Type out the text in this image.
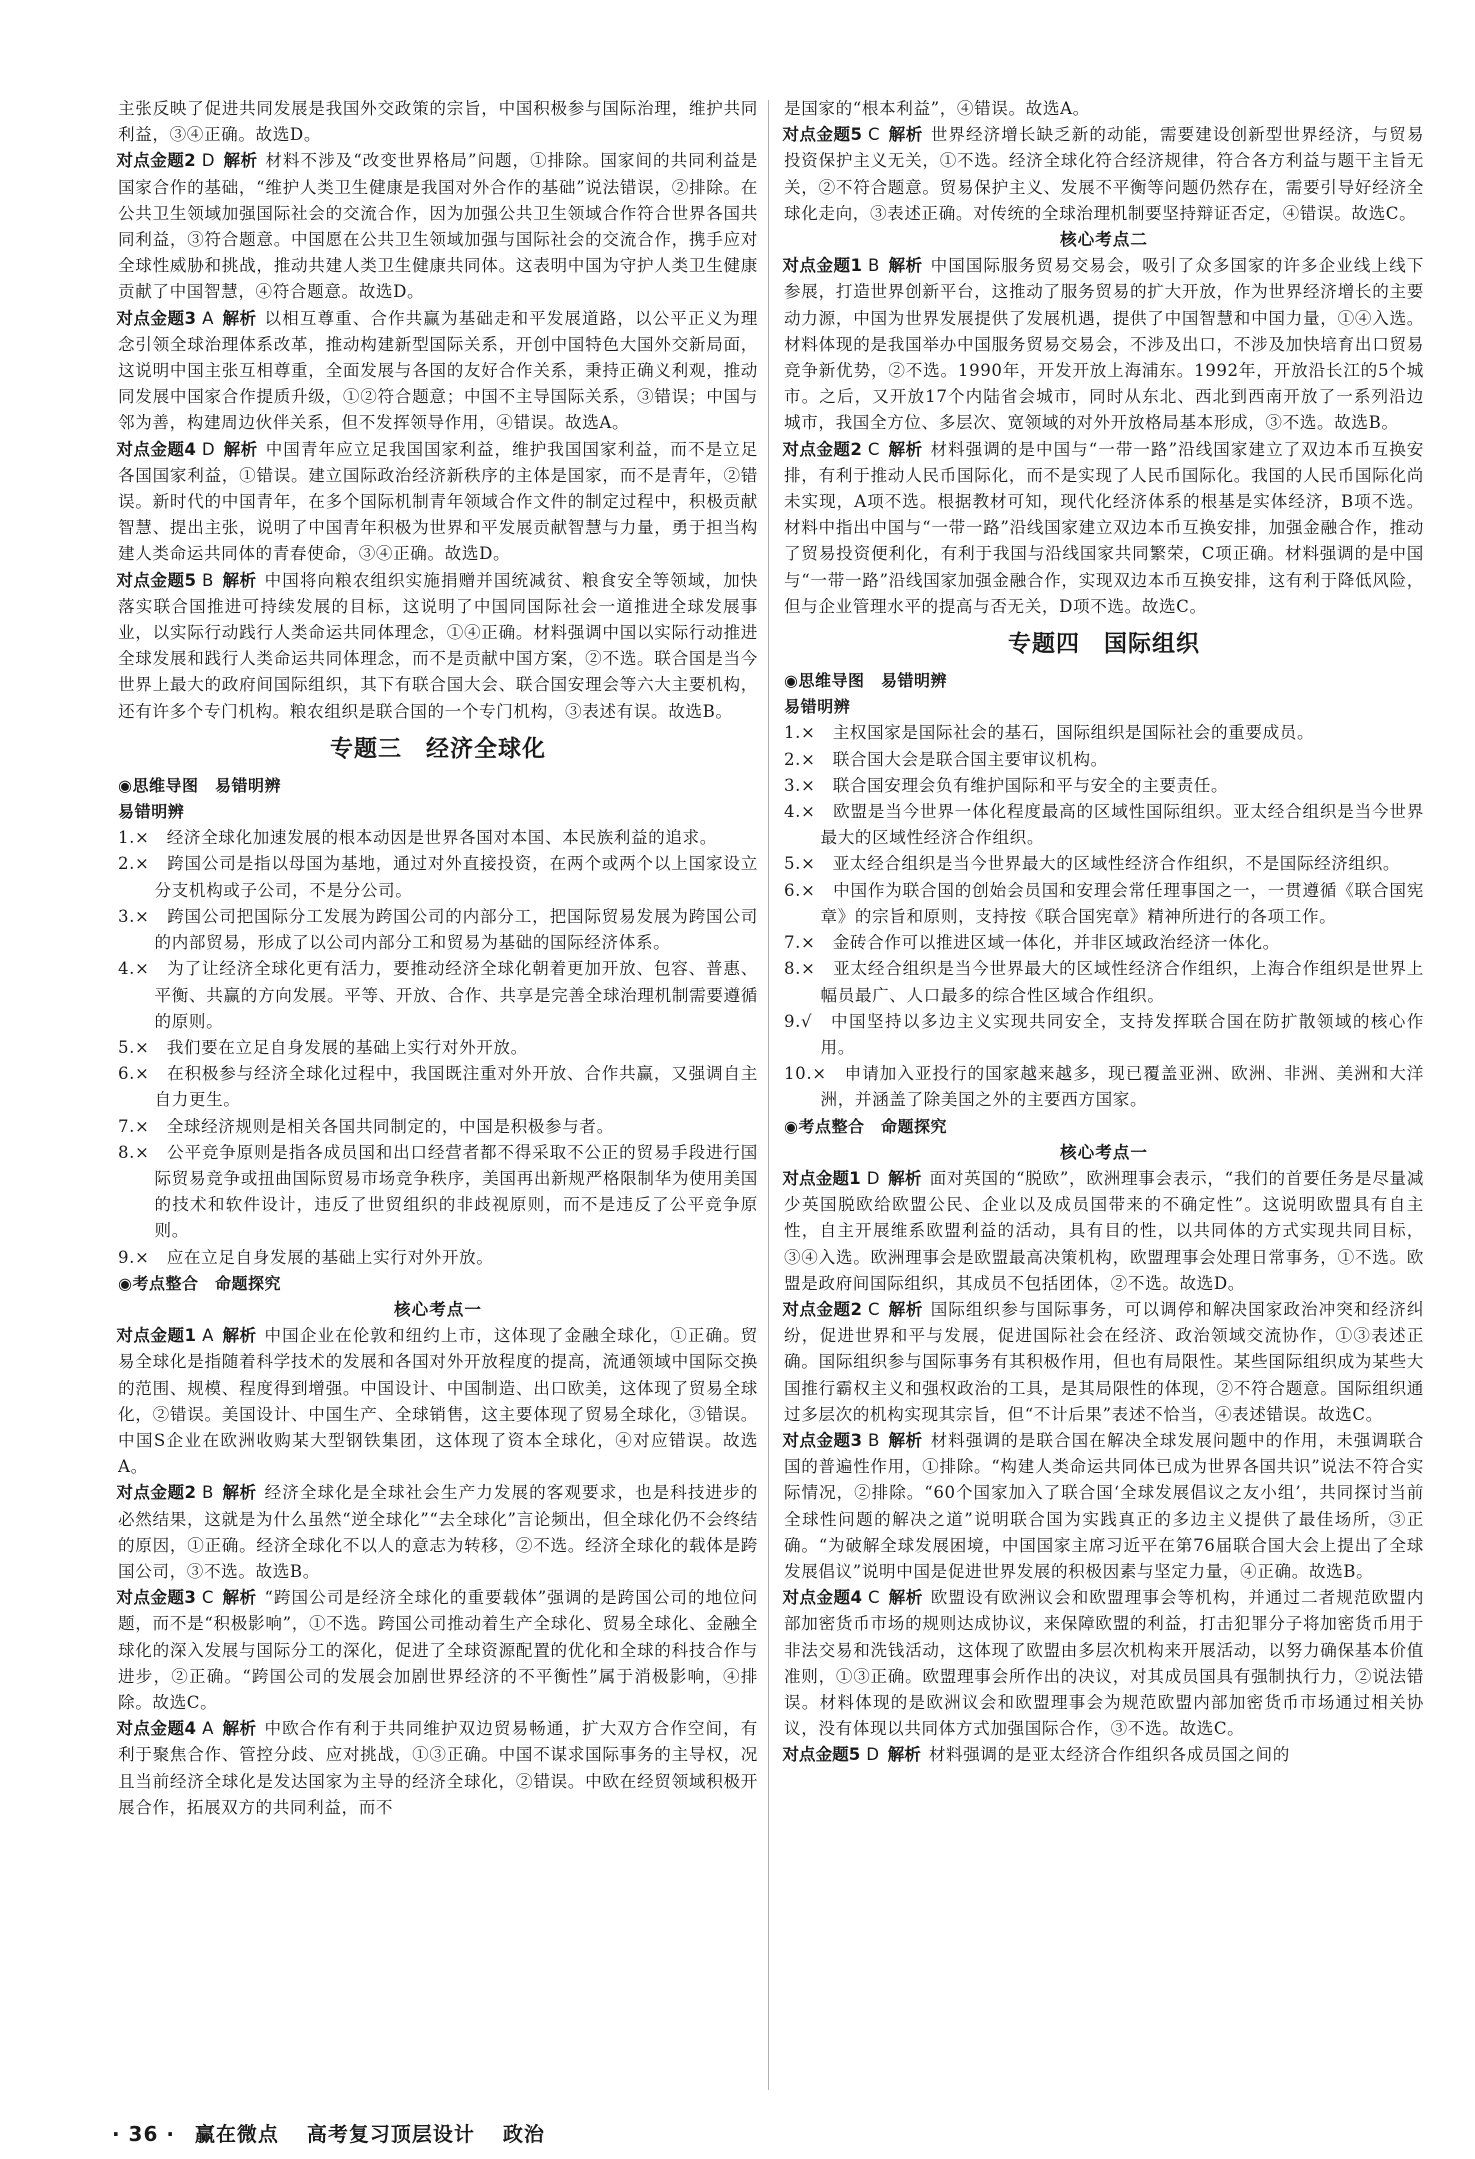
主张反映了促进共同发展是我国外交政策的宗旨，中国积极参与国际治理，维护共同利益，③④正确。故选D。

对点金题2 D 解析 材料不涉及“改变世界格局”问题，①排除。国家间的共同利益是国家合作的基础，“维护人类卫生健康是我国对外合作的基础”说法错误，②排除。在公共卫生领域加强国际社会的交流合作，因为加强公共卫生领域合作符合世界各国共同利益，③符合题意。中国愿在公共卫生领域加强与国际社会的交流合作，携手应对全球性威胁和挑战，推动共建人类卫生健康共同体。这表明中国为守护人类卫生健康贡献了中国智慧，④符合题意。故选D。

对点金题3 A 解析 以相互尊重、合作共赢为基础走和平发展道路，以公平正义为理念引领全球治理体系改革，推动构建新型国际关系，开创中国特色大国外交新局面，这说明中国主张互相尊重，全面发展与各国的友好合作关系，秉持正确义利观，推动同发展中国家合作提质升级，①②符合题意；中国不主导国际关系，③错误；中国与邻为善，构建周边伙伴关系，但不发挥领导作用，④错误。故选A。

对点金题4 D 解析 中国青年应立足我国国家利益，维护我国国家利益，而不是立足各国国家利益，①错误。建立国际政治经济新秩序的主体是国家，而不是青年，②错误。新时代的中国青年，在多个国际机制青年领域合作文件的制定过程中，积极贡献智慧、提出主张，说明了中国青年积极为世界和平发展贡献智慧与力量，勇于担当构建人类命运共同体的青春使命，③④正确。故选D。

对点金题5 B 解析 中国将向粮农组织实施捐赠并国统减贫、粮食安全等领域，加快落实联合国推进可持续发展的目标，这说明了中国同国际社会一道推进全球发展事业，以实际行动践行人类命运共同体理念，①④正确。材料强调中国以实际行动推进全球发展和践行人类命运共同体理念，而不是贡献中国方案，②不选。联合国是当今世界上最大的政府间国际组织，其下有联合国大会、联合国安理会等六大主要机构，还有许多个专门机构。粮农组织是联合国的一个专门机构，③表述有误。故选B。

专题三　经济全球化

◉思维导图　易错明辨

易错明辨

1.×　经济全球化加速发展的根本动因是世界各国对本国、本民族利益的追求。

2.×　跨国公司是指以母国为基地，通过对外直接投资，在两个或两个以上国家设立分支机构或子公司，不是分公司。

3.×　跨国公司把国际分工发展为跨国公司的内部分工，把国际贸易发展为跨国公司的内部贸易，形成了以公司内部分工和贸易为基础的国际经济体系。

4.×　为了让经济全球化更有活力，要推动经济全球化朝着更加开放、包容、普惠、平衡、共赢的方向发展。平等、开放、合作、共享是完善全球治理机制需要遵循的原则。

5.×　我们要在立足自身发展的基础上实行对外开放。

6.×　在积极参与经济全球化过程中，我国既注重对外开放、合作共赢，又强调自主自力更生。

7.×　全球经济规则是相关各国共同制定的，中国是积极参与者。

8.×　公平竞争原则是指各成员国和出口经营者都不得采取不公正的贸易手段进行国际贸易竞争或扭曲国际贸易市场竞争秩序，美国再出新规严格限制华为使用美国的技术和软件设计，违反了世贸组织的非歧视原则，而不是违反了公平竞争原则。

9.×　应在立足自身发展的基础上实行对外开放。

◉考点整合　命题探究

核心考点一

对点金题1 A 解析 中国企业在伦敦和纽约上市，这体现了金融全球化，①正确。贸易全球化是指随着科学技术的发展和各国对外开放程度的提高，流通领域中国际交换的范围、规模、程度得到增强。中国设计、中国制造、出口欧美，这体现了贸易全球化，②错误。美国设计、中国生产、全球销售，这主要体现了贸易全球化，③错误。中国S企业在欧洲收购某大型钢铁集团，这体现了资本全球化，④对应错误。故选A。

对点金题2 B 解析 经济全球化是全球社会生产力发展的客观要求，也是科技进步的必然结果，这就是为什么虽然“逆全球化”“去全球化”言论频出，但全球化仍不会终结的原因，①正确。经济全球化不以人的意志为转移，②不选。经济全球化的载体是跨国公司，③不选。故选B。

对点金题3 C 解析 “跨国公司是经济全球化的重要载体”强调的是跨国公司的地位问题，而不是“积极影响”，①不选。跨国公司推动着生产全球化、贸易全球化、金融全球化的深入发展与国际分工的深化，促进了全球资源配置的优化和全球的科技合作与进步，②正确。“跨国公司的发展会加剧世界经济的不平衡性”属于消极影响，④排除。故选C。

对点金题4 A 解析 中欧合作有利于共同维护双边贸易畅通，扩大双方合作空间，有利于聚焦合作、管控分歧、应对挑战，①③正确。中国不谋求国际事务的主导权，况且当前经济全球化是发达国家为主导的经济全球化，②错误。中欧在经贸领域积极开展合作，拓展双方的共同利益，而不

是国家的“根本利益”，④错误。故选A。

对点金题5 C 解析 世界经济增长缺乏新的动能，需要建设创新型世界经济，与贸易投资保护主义无关，①不选。经济全球化符合经济规律，符合各方利益与题干主旨无关，②不符合题意。贸易保护主义、发展不平衡等问题仍然存在，需要引导好经济全球化走向，③表述正确。对传统的全球治理机制要坚持辩证否定，④错误。故选C。

核心考点二

对点金题1 B 解析 中国国际服务贸易交易会，吸引了众多国家的许多企业线上线下参展，打造世界创新平台，这推动了服务贸易的扩大开放，作为世界经济增长的主要动力源，中国为世界发展提供了发展机遇，提供了中国智慧和中国力量，①④入选。材料体现的是我国举办中国服务贸易交易会，不涉及出口，不涉及加快培育出口贸易竞争新优势，②不选。1990年，开发开放上海浦东。1992年，开放沿长江的5个城市。之后，又开放17个内陆省会城市，同时从东北、西北到西南开放了一系列沿边城市，我国全方位、多层次、宽领域的对外开放格局基本形成，③不选。故选B。

对点金题2 C 解析 材料强调的是中国与“一带一路”沿线国家建立了双边本币互换安排，有利于推动人民币国际化，而不是实现了人民币国际化。我国的人民币国际化尚未实现，A项不选。根据教材可知，现代化经济体系的根基是实体经济，B项不选。材料中指出中国与“一带一路”沿线国家建立双边本币互换安排，加强金融合作，推动了贸易投资便利化，有利于我国与沿线国家共同繁荣，C项正确。材料强调的是中国与“一带一路”沿线国家加强金融合作，实现双边本币互换安排，这有利于降低风险，但与企业管理水平的提高与否无关，D项不选。故选C。

专题四　国际组织

◉思维导图　易错明辨

易错明辨

1.×　主权国家是国际社会的基石，国际组织是国际社会的重要成员。

2.×　联合国大会是联合国主要审议机构。

3.×　联合国安理会负有维护国际和平与安全的主要责任。

4.×　欧盟是当今世界一体化程度最高的区域性国际组织。亚太经合组织是当今世界最大的区域性经济合作组织。

5.×　亚太经合组织是当今世界最大的区域性经济合作组织，不是国际经济组织。

6.×　中国作为联合国的创始会员国和安理会常任理事国之一，一贯遵循《联合国宪章》的宗旨和原则，支持按《联合国宪章》精神所进行的各项工作。

7.×　金砖合作可以推进区域一体化，并非区域政治经济一体化。

8.×　亚太经合组织是当今世界最大的区域性经济合作组织，上海合作组织是世界上幅员最广、人口最多的综合性区域合作组织。

9.√　中国坚持以多边主义实现共同安全，支持发挥联合国在防扩散领域的核心作用。

10.×　申请加入亚投行的国家越来越多，现已覆盖亚洲、欧洲、非洲、美洲和大洋洲，并涵盖了除美国之外的主要西方国家。

◉考点整合　命题探究

核心考点一

对点金题1 D 解析 面对英国的“脱欧”，欧洲理事会表示，“我们的首要任务是尽量减少英国脱欧给欧盟公民、企业以及成员国带来的不确定性”。这说明欧盟具有自主性，自主开展维系欧盟利益的活动，具有目的性，以共同体的方式实现共同目标，③④入选。欧洲理事会是欧盟最高决策机构，欧盟理事会处理日常事务，①不选。欧盟是政府间国际组织，其成员不包括团体，②不选。故选D。

对点金题2 C 解析 国际组织参与国际事务，可以调停和解决国家政治冲突和经济纠纷，促进世界和平与发展，促进国际社会在经济、政治领域交流协作，①③表述正确。国际组织参与国际事务有其积极作用，但也有局限性。某些国际组织成为某些大国推行霸权主义和强权政治的工具，是其局限性的体现，②不符合题意。国际组织通过多层次的机构实现其宗旨，但“不计后果”表述不恰当，④表述错误。故选C。

对点金题3 B 解析 材料强调的是联合国在解决全球发展问题中的作用，未强调联合国的普遍性作用，①排除。“构建人类命运共同体已成为世界各国共识”说法不符合实际情况，②排除。“60个国家加入了联合国‘全球发展倡议之友小组’，共同探讨当前全球性问题的解决之道”说明联合国为实践真正的多边主义提供了最佳场所，③正确。“为破解全球发展困境，中国国家主席习近平在第76届联合国大会上提出了全球发展倡议”说明中国是促进世界发展的积极因素与坚定力量，④正确。故选B。

对点金题4 C 解析 欧盟设有欧洲议会和欧盟理事会等机构，并通过二者规范欧盟内部加密货币市场的规则达成协议，来保障欧盟的利益，打击犯罪分子将加密货币用于非法交易和洗钱活动，这体现了欧盟由多层次机构来开展活动，以努力确保基本价值准则，①③正确。欧盟理事会所作出的决议，对其成员国具有强制执行力，②说法错误。材料体现的是欧洲议会和欧盟理事会为规范欧盟内部加密货币市场通过相关协议，没有体现以共同体方式加强国际合作，③不选。故选C。

对点金题5 D 解析 材料强调的是亚太经济合作组织各成员国之间的

· 36 · 赢在微点 高考复习顶层设计 政治
